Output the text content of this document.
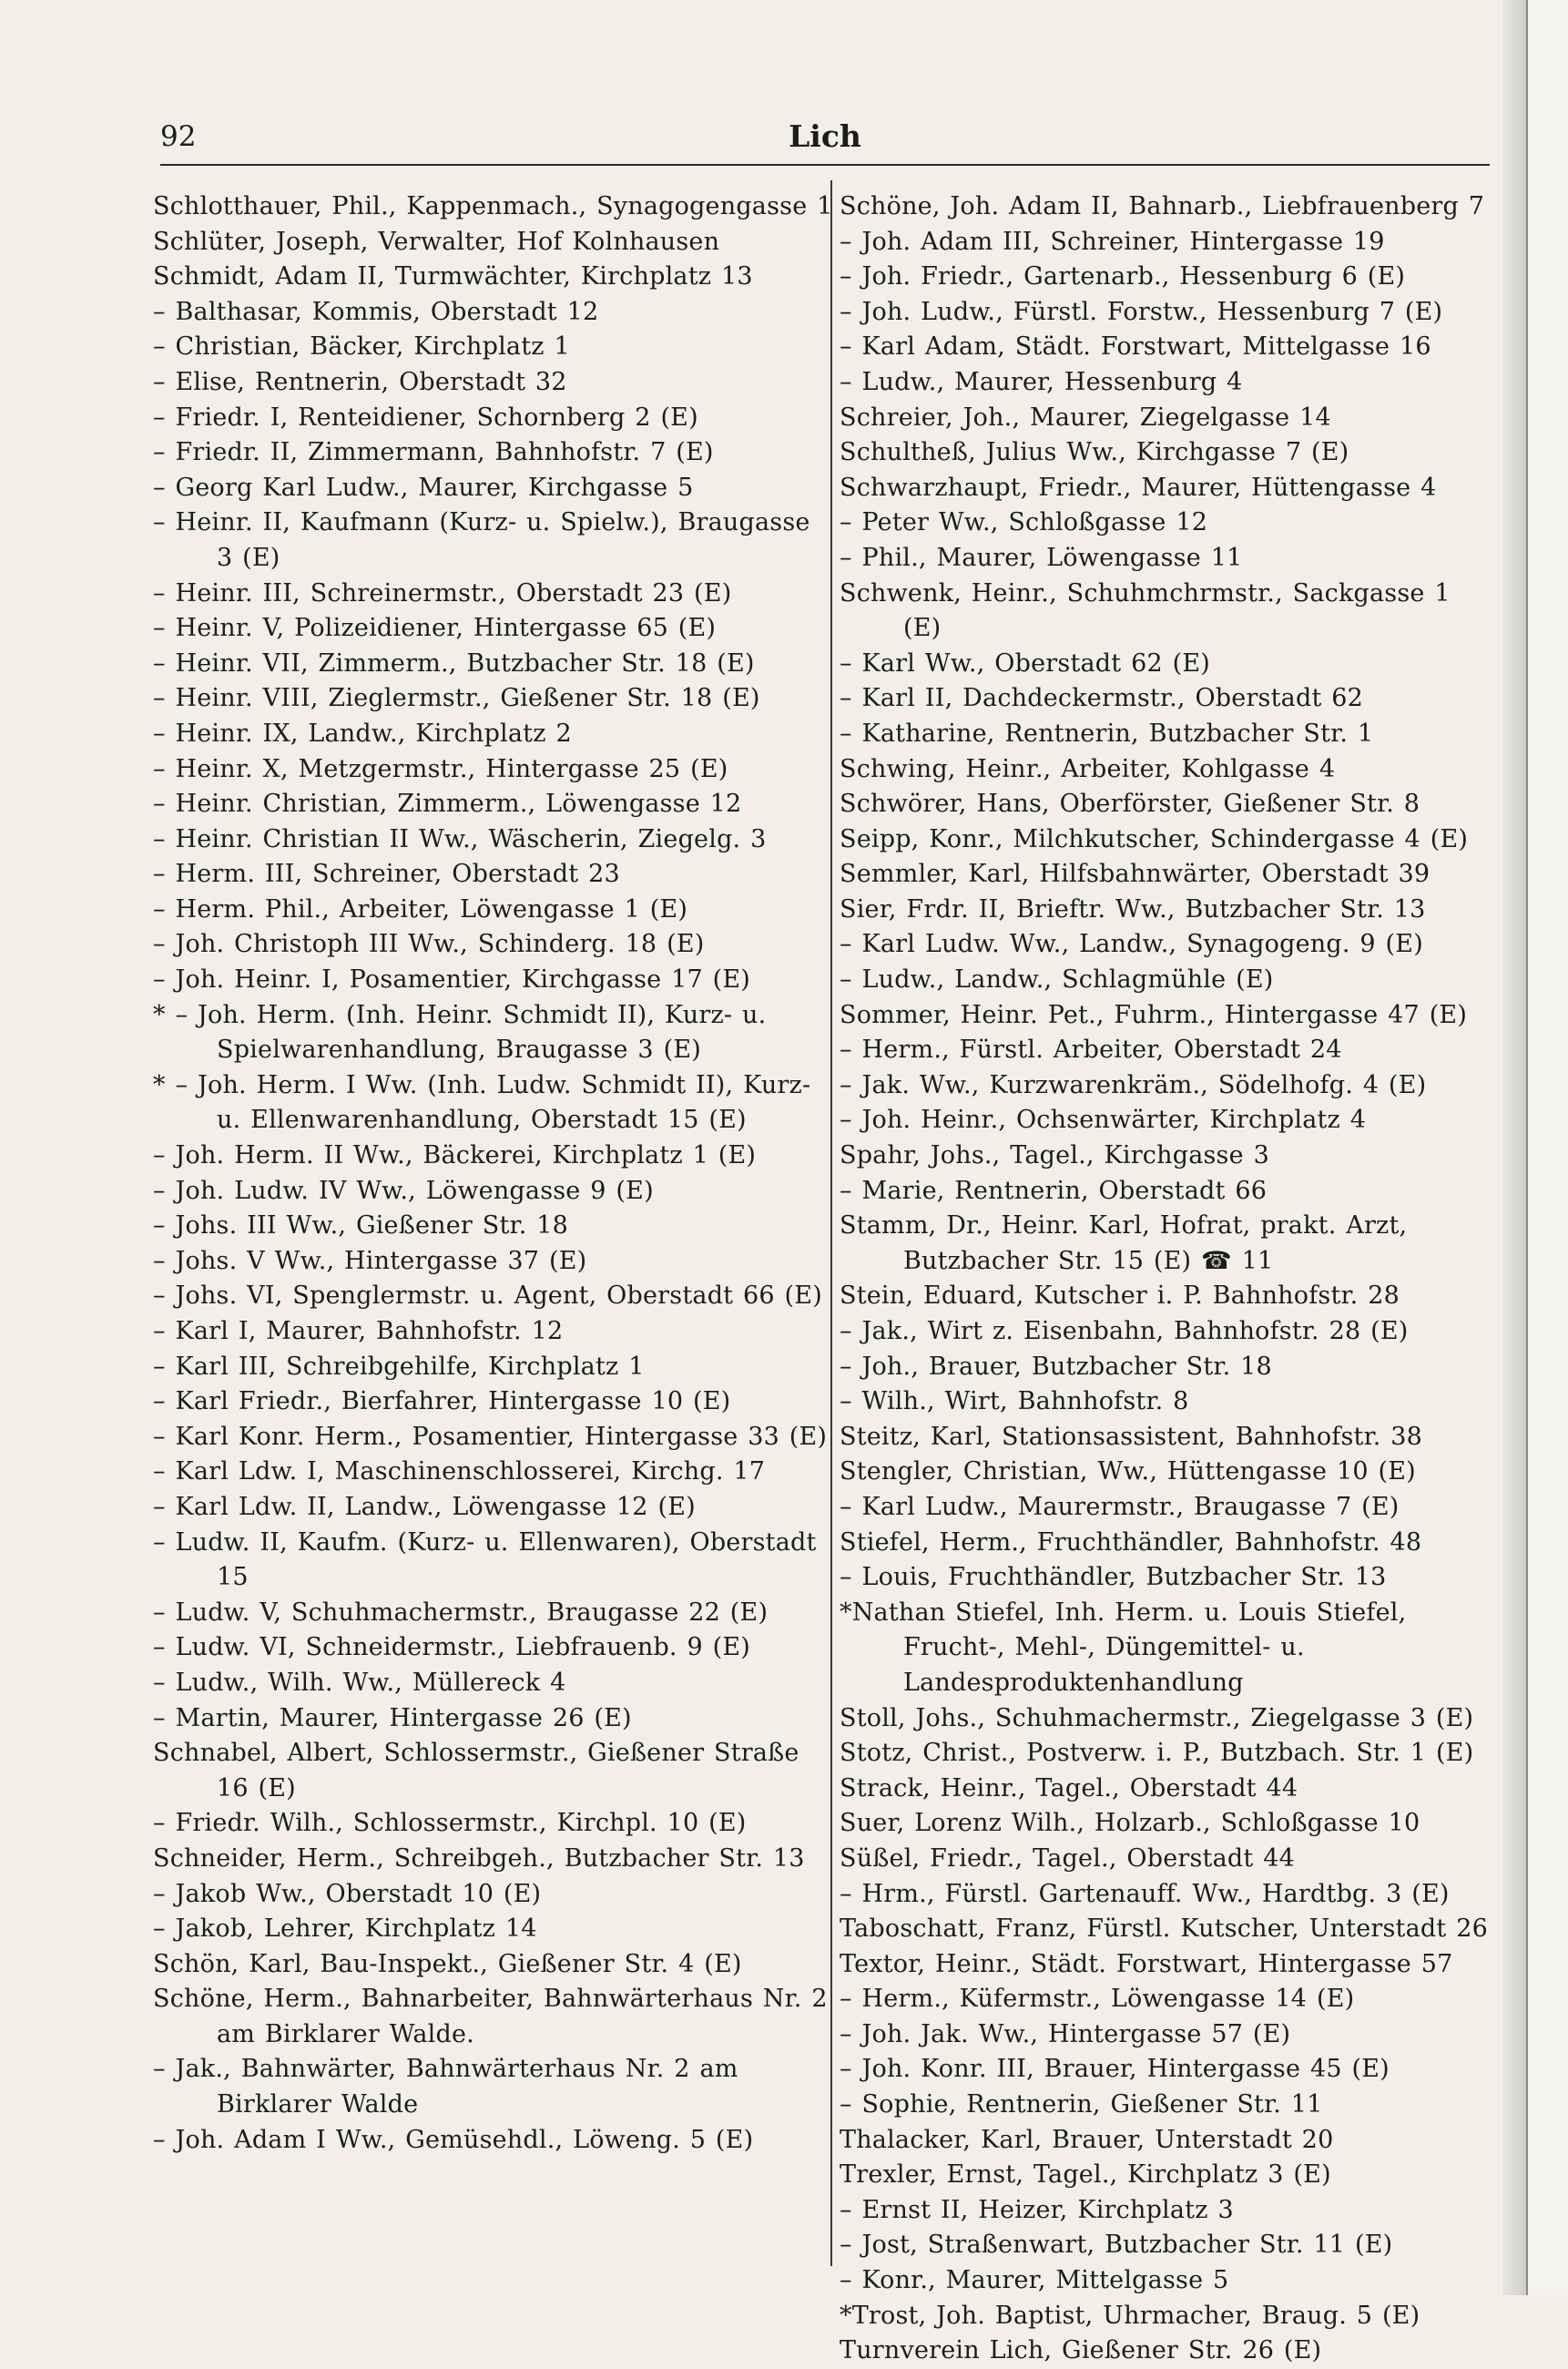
92	Lich
Schlotthauer, Phil., Kappenmach., Synagogengasse 1
Schlüter, Joseph, Verwalter, Hof Kolnhausen
Schmidt, Adam II, Turmwächter, Kirchplatz 13
– Balthasar, Kommis, Oberstadt 12
– Christian, Bäcker, Kirchplatz 1
– Elise, Rentnerin, Oberstadt 32
– Friedr. I, Renteidiener, Schornberg 2 (E)
– Friedr. II, Zimmermann, Bahnhofstr. 7 (E)
– Georg Karl Ludw., Maurer, Kirchgasse 5
– Heinr. II, Kaufmann (Kurz- u. Spielw.), Braugasse 3 (E)
– Heinr. III, Schreinermstr., Oberstadt 23 (E)
– Heinr. V, Polizeidiener, Hintergasse 65 (E)
– Heinr. VII, Zimmerm., Butzbacher Str. 18 (E)
– Heinr. VIII, Zieglermstr., Gießener Str. 18 (E)
– Heinr. IX, Landw., Kirchplatz 2
– Heinr. X, Metzgermstr., Hintergasse 25 (E)
– Heinr. Christian, Zimmerm., Löwengasse 12
– Heinr. Christian II Ww., Wäscherin, Ziegelg. 3
– Herm. III, Schreiner, Oberstadt 23
– Herm. Phil., Arbeiter, Löwengasse 1 (E)
– Joh. Christoph III Ww., Schinderg. 18 (E)
– Joh. Heinr. I, Posamentier, Kirchgasse 17 (E)
* – Joh. Herm. (Inh. Heinr. Schmidt II), Kurz- u. Spielwarenhandlung, Braugasse 3 (E)
* – Joh. Herm. I Ww. (Inh. Ludw. Schmidt II), Kurz- u. Ellenwarenhandlung, Oberstadt 15 (E)
– Joh. Herm. II Ww., Bäckerei, Kirchplatz 1 (E)
– Joh. Ludw. IV Ww., Löwengasse 9 (E)
– Johs. III Ww., Gießener Str. 18
– Johs. V Ww., Hintergasse 37 (E)
– Johs. VI, Spenglermstr. u. Agent, Oberstadt 66 (E)
– Karl I, Maurer, Bahnhofstr. 12
– Karl III, Schreibgehilfe, Kirchplatz 1
– Karl Friedr., Bierfahrer, Hintergasse 10 (E)
– Karl Konr. Herm., Posamentier, Hintergasse 33 (E)
– Karl Ldw. I, Maschinenschlosserei, Kirchg. 17
– Karl Ldw. II, Landw., Löwengasse 12 (E)
– Ludw. II, Kaufm. (Kurz- u. Ellenwaren), Oberstadt 15
– Ludw. V, Schuhmachermstr., Braugasse 22 (E)
– Ludw. VI, Schneidermstr., Liebfrauenb. 9 (E)
– Ludw., Wilh. Ww., Müllereck 4
– Martin, Maurer, Hintergasse 26 (E)
Schnabel, Albert, Schlossermstr., Gießener Straße 16 (E)
– Friedr. Wilh., Schlossermstr., Kirchpl. 10 (E)
Schneider, Herm., Schreibgeh., Butzbacher Str. 13
– Jakob Ww., Oberstadt 10 (E)
– Jakob, Lehrer, Kirchplatz 14
Schön, Karl, Bau-Inspekt., Gießener Str. 4 (E)
Schöne, Herm., Bahnarbeiter, Bahnwärterhaus Nr. 2 am Birklarer Walde.
– Jak., Bahnwärter, Bahnwärterhaus Nr. 2 am Birklarer Walde
– Joh. Adam I Ww., Gemüsehdl., Löweng. 5 (E)
Schöne, Joh. Adam II, Bahnarb., Liebfrauenberg 7
– Joh. Adam III, Schreiner, Hintergasse 19
– Joh. Friedr., Gartenarb., Hessenburg 6 (E)
– Joh. Ludw., Fürstl. Forstw., Hessenburg 7 (E)
– Karl Adam, Städt. Forstwart, Mittelgasse 16
– Ludw., Maurer, Hessenburg 4
Schreier, Joh., Maurer, Ziegelgasse 14
Schultheß, Julius Ww., Kirchgasse 7 (E)
Schwarzhaupt, Friedr., Maurer, Hüttengasse 4
– Peter Ww., Schloßgasse 12
– Phil., Maurer, Löwengasse 11
Schwenk, Heinr., Schuhmchrmstr., Sackgasse 1 (E)
– Karl Ww., Oberstadt 62 (E)
– Karl II, Dachdeckermstr., Oberstadt 62
– Katharine, Rentnerin, Butzbacher Str. 1
Schwing, Heinr., Arbeiter, Kohlgasse 4
Schwörer, Hans, Oberförster, Gießener Str. 8
Seipp, Konr., Milchkutscher, Schindergasse 4 (E)
Semmler, Karl, Hilfsbahnwärter, Oberstadt 39
Sier, Frdr. II, Brieftr. Ww., Butzbacher Str. 13
– Karl Ludw. Ww., Landw., Synagogeng. 9 (E)
– Ludw., Landw., Schlagmühle (E)
Sommer, Heinr. Pet., Fuhrm., Hintergasse 47 (E)
– Herm., Fürstl. Arbeiter, Oberstadt 24
– Jak. Ww., Kurzwarenkräm., Södelhofg. 4 (E)
– Joh. Heinr., Ochsenwärter, Kirchplatz 4
Spahr, Johs., Tagel., Kirchgasse 3
– Marie, Rentnerin, Oberstadt 66
Stamm, Dr., Heinr. Karl, Hofrat, prakt. Arzt, Butzbacher Str. 15 (E) ☎ 11
Stein, Eduard, Kutscher i. P. Bahnhofstr. 28
– Jak., Wirt z. Eisenbahn, Bahnhofstr. 28 (E)
– Joh., Brauer, Butzbacher Str. 18
– Wilh., Wirt, Bahnhofstr. 8
Steitz, Karl, Stationsassistent, Bahnhofstr. 38
Stengler, Christian, Ww., Hüttengasse 10 (E)
– Karl Ludw., Maurermstr., Braugasse 7 (E)
Stiefel, Herm., Fruchthändler, Bahnhofstr. 48
– Louis, Fruchthändler, Butzbacher Str. 13
*Nathan Stiefel, Inh. Herm. u. Louis Stiefel, Frucht-, Mehl-, Düngemittel- u. Landesproduktenhandlung
Stoll, Johs., Schuhmachermstr., Ziegelgasse 3 (E)
Stotz, Christ., Postverw. i. P., Butzbach. Str. 1 (E)
Strack, Heinr., Tagel., Oberstadt 44
Suer, Lorenz Wilh., Holzarb., Schloßgasse 10
Süßel, Friedr., Tagel., Oberstadt 44
– Hrm., Fürstl. Gartenauff. Ww., Hardtbg. 3 (E)
Taboschatt, Franz, Fürstl. Kutscher, Unterstadt 26
Textor, Heinr., Städt. Forstwart, Hintergasse 57
– Herm., Küfermstr., Löwengasse 14 (E)
– Joh. Jak. Ww., Hintergasse 57 (E)
– Joh. Konr. III, Brauer, Hintergasse 45 (E)
– Sophie, Rentnerin, Gießener Str. 11
Thalacker, Karl, Brauer, Unterstadt 20
Trexler, Ernst, Tagel., Kirchplatz 3 (E)
– Ernst II, Heizer, Kirchplatz 3
– Jost, Straßenwart, Butzbacher Str. 11 (E)
– Konr., Maurer, Mittelgasse 5
*Trost, Joh. Baptist, Uhrmacher, Braug. 5 (E)
Turnverein Lich, Gießener Str. 26 (E)
